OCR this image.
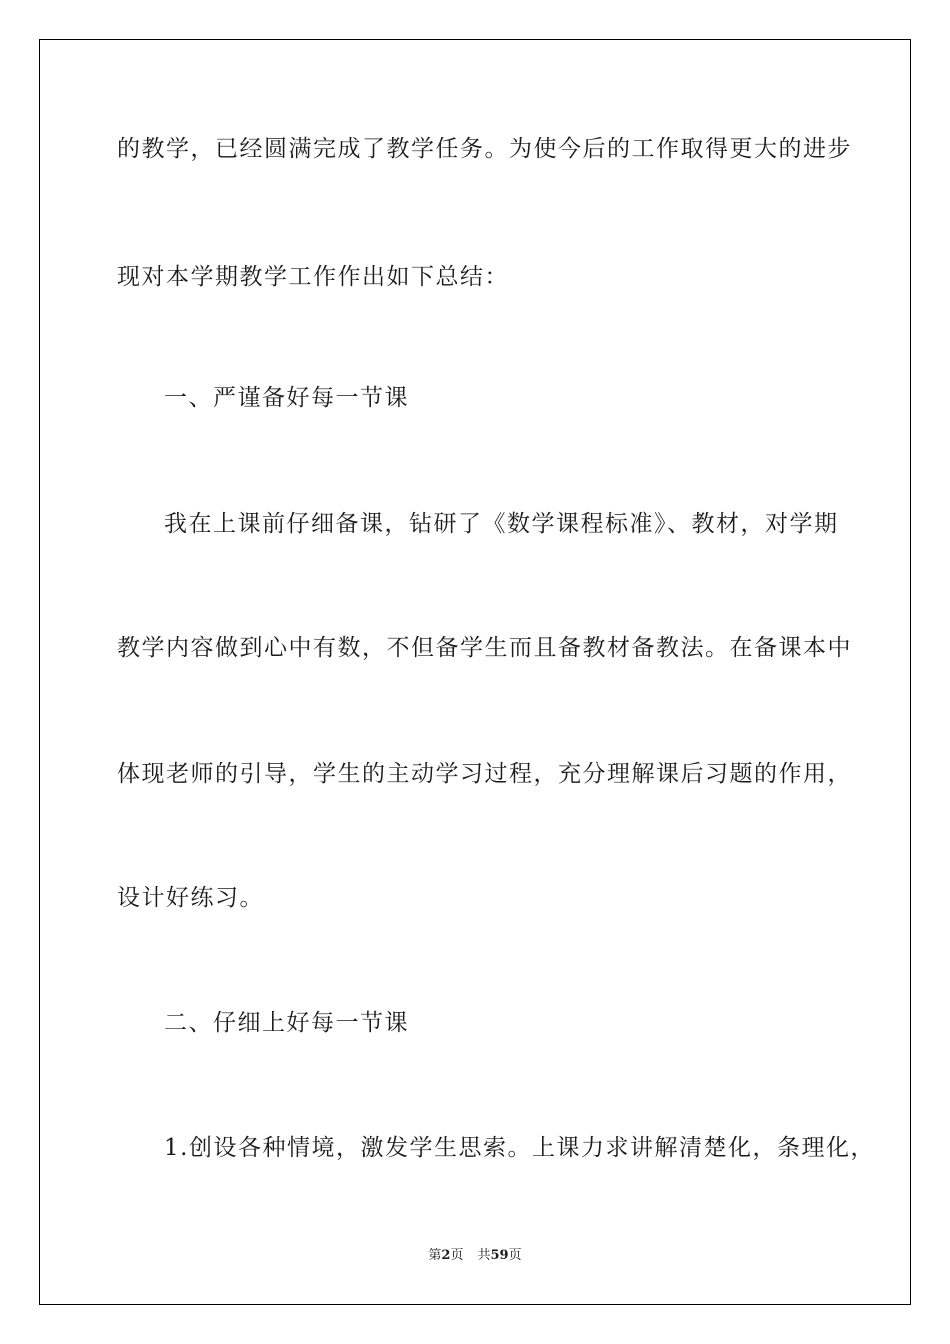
的教学，已经圆满完成了教学任务。为使今后的工作取得更大的进步
现对本学期教学工作作出如下总结：
一、严谨备好每一节课
我在上课前仔细备课，钻研了《数学课程标准》、教材，对学期
教学内容做到心中有数，不但备学生而且备教材备教法。在备课本中
体现老师的引导，学生的主动学习过程，充分理解课后习题的作用，
设计好练习。
二、仔细上好每一节课
1.创设各种情境，激发学生思索。上课力求讲解清楚化，条理化，
第2页 共59页
